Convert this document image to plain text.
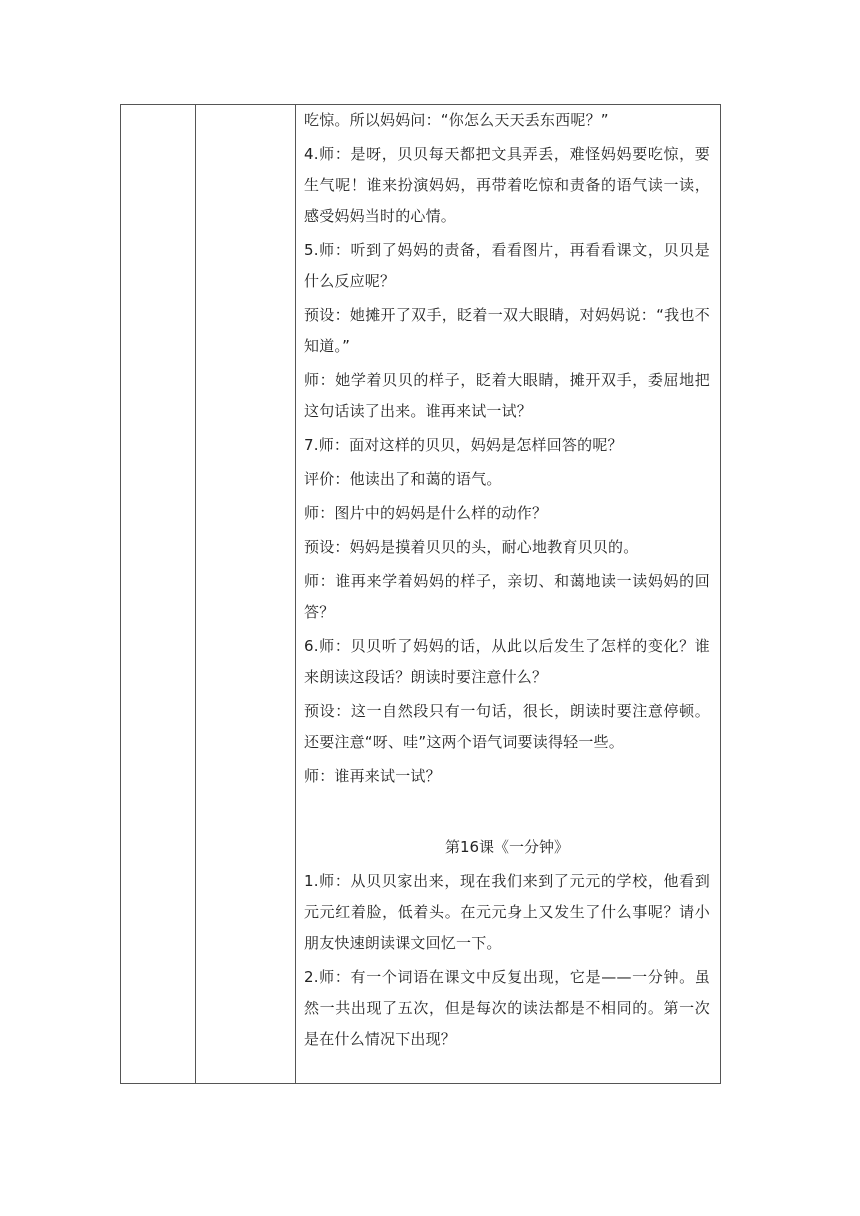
吃惊。所以妈妈问：“你怎么天天丢东西呢？”

4.师：是呀，贝贝每天都把文具弄丢，难怪妈妈要吃惊，要生气呢！谁来扮演妈妈，再带着吃惊和责备的语气读一读，感受妈妈当时的心情。

5.师：听到了妈妈的责备，看看图片，再看看课文，贝贝是什么反应呢？

预设：她摊开了双手，眨着一双大眼睛，对妈妈说：“我也不知道。”

师：她学着贝贝的样子，眨着大眼睛，摊开双手，委屈地把这句话读了出来。谁再来试一试？

7.师：面对这样的贝贝，妈妈是怎样回答的呢？

评价：他读出了和蔼的语气。

师：图片中的妈妈是什么样的动作？

预设：妈妈是摸着贝贝的头，耐心地教育贝贝的。

师：谁再来学着妈妈的样子，亲切、和蔼地读一读妈妈的回答？

6.师：贝贝听了妈妈的话，从此以后发生了怎样的变化？谁来朗读这段话？朗读时要注意什么？

预设：这一自然段只有一句话，很长，朗读时要注意停顿。还要注意“呀、哇”这两个语气词要读得轻一些。

师：谁再来试一试？

第16课《一分钟》

1.师：从贝贝家出来，现在我们来到了元元的学校，他看到元元红着脸，低着头。在元元身上又发生了什么事呢？请小朋友快速朗读课文回忆一下。

2.师：有一个词语在课文中反复出现，它是——一分钟。虽然一共出现了五次，但是每次的读法都是不相同的。第一次是在什么情况下出现？
